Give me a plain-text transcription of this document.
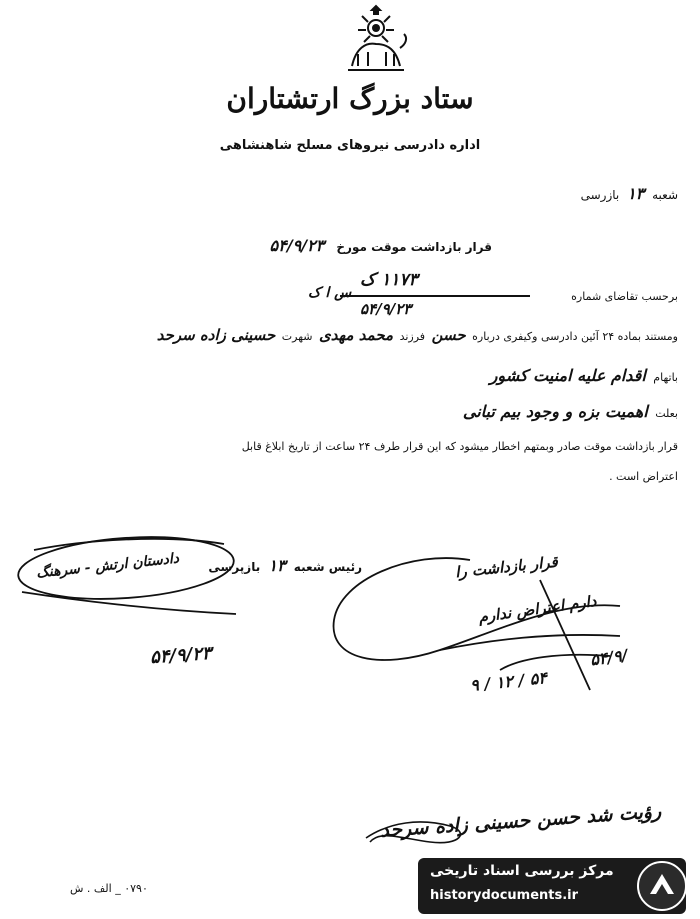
ستاد بزرگ ارتشتاران
اداره دادرسی نیروهای مسلح شاهنشاهی
شعبه ۱۳ بازرسی
قرار بازداشت موقت مورخ ۵۴/۹/۲۳
برحسب تقاضای شماره
۱۱۷۳ ک
۵۴/۹/۲۳
س ا ک
ومستند بماده ۲۴ آئین دادرسی وکیفری درباره حسن فرزند محمد مهدی شهرت حسینی زاده سرحد
باتهام اقدام علیه امنیت کشور
بعلت اهمیت بزه و وجود بیم تبانی
قرار بازداشت موقت صادر وبمتهم اخطار میشود که این قرار طرف ۲۴ ساعت از تاریخ ابلاغ قابل
اعتراض است .
رئیس شعبه ۱۳ بازپرسی
دادستان ارتش - سرهنگ
۵۴/۹/۲۳
قرار بازداشت را
دارم اعتراض ندارم
۵۴/۹/
۹ / ۱۲ / ۵۴
رؤیت شد حسن حسینی زاده سرحد
۰۷۹۰ _ الف . ش
مرکز بررسی اسناد تاریخی
historydocuments.ir
